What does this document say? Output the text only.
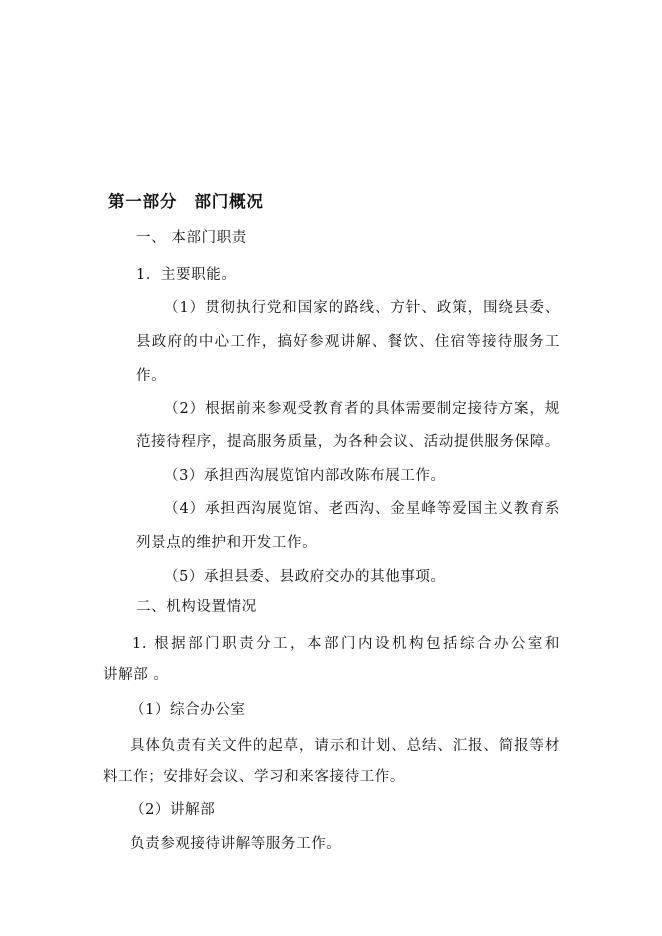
第一部分　部门概况
一、 本部门职责
1．主要职能。
（1）贯彻执行党和国家的路线、方针、政策，围绕县委、
县政府的中心工作，搞好参观讲解、餐饮、住宿等接待服务工
作。
（2）根据前来参观受教育者的具体需要制定接待方案，规
范接待程序，提高服务质量，为各种会议、活动提供服务保障。
（3）承担西沟展览馆内部改陈布展工作。
（4）承担西沟展览馆、老西沟、金星峰等爱国主义教育系
列景点的维护和开发工作。
（5）承担县委、县政府交办的其他事项。
二、机构设置情况
1. 根据部门职责分工，本部门内设机构包括综合办公室和
讲解部 。
（1）综合办公室
具体负责有关文件的起草，请示和计划、总结、汇报、简报等材
料工作；安排好会议、学习和来客接待工作。
（2）讲解部
负责参观接待讲解等服务工作。
